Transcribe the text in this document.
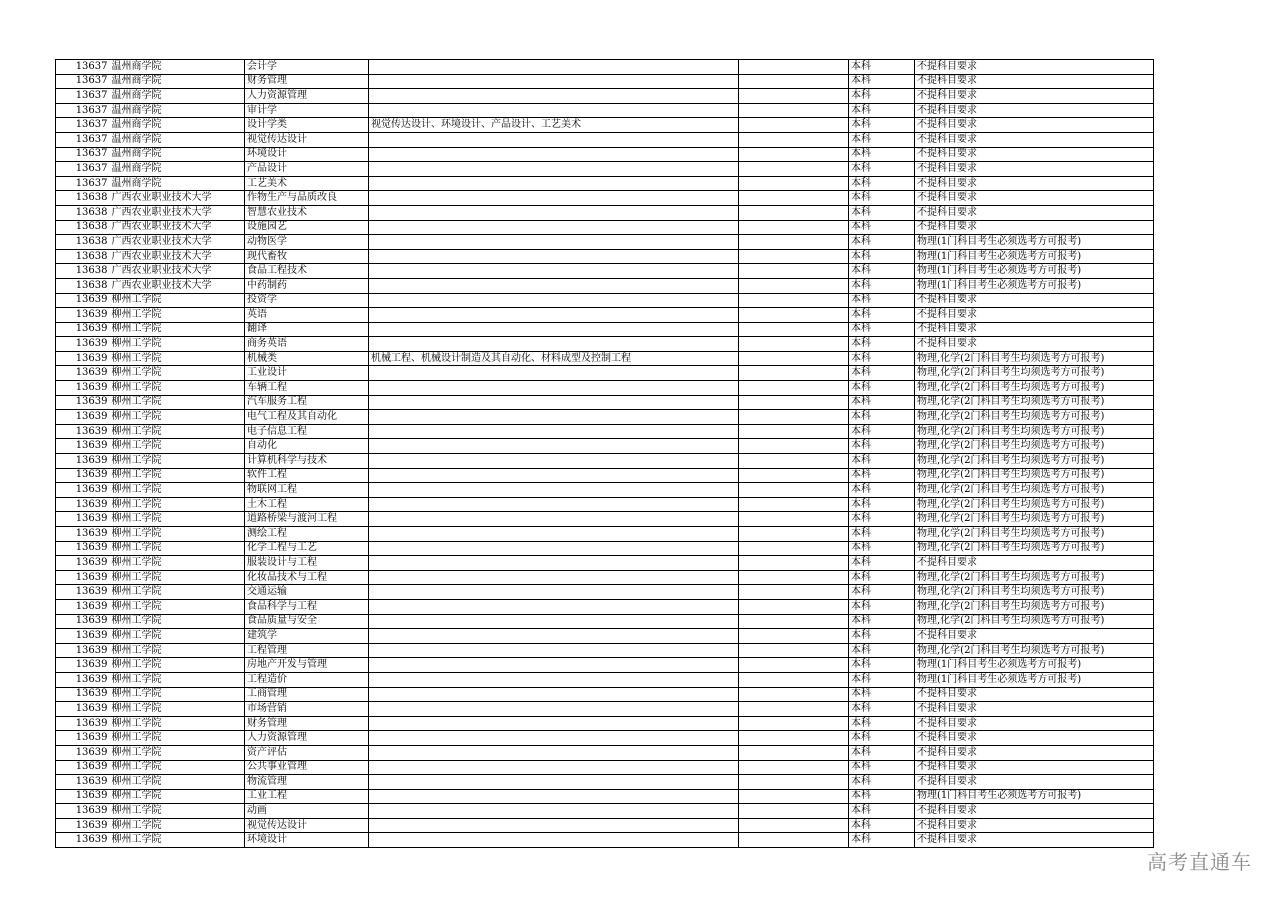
13637	温州商学院	会计学			本科	不提科目要求
13637	温州商学院	财务管理			本科	不提科目要求
13637	温州商学院	人力资源管理			本科	不提科目要求
13637	温州商学院	审计学			本科	不提科目要求
13637	温州商学院	设计学类	视觉传达设计、环境设计、产品设计、工艺美术		本科	不提科目要求
13637	温州商学院	视觉传达设计			本科	不提科目要求
13637	温州商学院	环境设计			本科	不提科目要求
13637	温州商学院	产品设计			本科	不提科目要求
13637	温州商学院	工艺美术			本科	不提科目要求
13638	广西农业职业技术大学	作物生产与品质改良			本科	不提科目要求
13638	广西农业职业技术大学	智慧农业技术			本科	不提科目要求
13638	广西农业职业技术大学	设施园艺			本科	不提科目要求
13638	广西农业职业技术大学	动物医学			本科	物理(1门科目考生必须选考方可报考)
13638	广西农业职业技术大学	现代畜牧			本科	物理(1门科目考生必须选考方可报考)
13638	广西农业职业技术大学	食品工程技术			本科	物理(1门科目考生必须选考方可报考)
13638	广西农业职业技术大学	中药制药			本科	物理(1门科目考生必须选考方可报考)
13639	柳州工学院	投资学			本科	不提科目要求
13639	柳州工学院	英语			本科	不提科目要求
13639	柳州工学院	翻译			本科	不提科目要求
13639	柳州工学院	商务英语			本科	不提科目要求
13639	柳州工学院	机械类	机械工程、机械设计制造及其自动化、材料成型及控制工程		本科	物理,化学(2门科目考生均须选考方可报考)
13639	柳州工学院	工业设计			本科	物理,化学(2门科目考生均须选考方可报考)
13639	柳州工学院	车辆工程			本科	物理,化学(2门科目考生均须选考方可报考)
13639	柳州工学院	汽车服务工程			本科	物理,化学(2门科目考生均须选考方可报考)
13639	柳州工学院	电气工程及其自动化			本科	物理,化学(2门科目考生均须选考方可报考)
13639	柳州工学院	电子信息工程			本科	物理,化学(2门科目考生均须选考方可报考)
13639	柳州工学院	自动化			本科	物理,化学(2门科目考生均须选考方可报考)
13639	柳州工学院	计算机科学与技术			本科	物理,化学(2门科目考生均须选考方可报考)
13639	柳州工学院	软件工程			本科	物理,化学(2门科目考生均须选考方可报考)
13639	柳州工学院	物联网工程			本科	物理,化学(2门科目考生均须选考方可报考)
13639	柳州工学院	土木工程			本科	物理,化学(2门科目考生均须选考方可报考)
13639	柳州工学院	道路桥梁与渡河工程			本科	物理,化学(2门科目考生均须选考方可报考)
13639	柳州工学院	测绘工程			本科	物理,化学(2门科目考生均须选考方可报考)
13639	柳州工学院	化学工程与工艺			本科	物理,化学(2门科目考生均须选考方可报考)
13639	柳州工学院	服装设计与工程			本科	不提科目要求
13639	柳州工学院	化妆品技术与工程			本科	物理,化学(2门科目考生均须选考方可报考)
13639	柳州工学院	交通运输			本科	物理,化学(2门科目考生均须选考方可报考)
13639	柳州工学院	食品科学与工程			本科	物理,化学(2门科目考生均须选考方可报考)
13639	柳州工学院	食品质量与安全			本科	物理,化学(2门科目考生均须选考方可报考)
13639	柳州工学院	建筑学			本科	不提科目要求
13639	柳州工学院	工程管理			本科	物理,化学(2门科目考生均须选考方可报考)
13639	柳州工学院	房地产开发与管理			本科	物理(1门科目考生必须选考方可报考)
13639	柳州工学院	工程造价			本科	物理(1门科目考生必须选考方可报考)
13639	柳州工学院	工商管理			本科	不提科目要求
13639	柳州工学院	市场营销			本科	不提科目要求
13639	柳州工学院	财务管理			本科	不提科目要求
13639	柳州工学院	人力资源管理			本科	不提科目要求
13639	柳州工学院	资产评估			本科	不提科目要求
13639	柳州工学院	公共事业管理			本科	不提科目要求
13639	柳州工学院	物流管理			本科	不提科目要求
13639	柳州工学院	工业工程			本科	物理(1门科目考生必须选考方可报考)
13639	柳州工学院	动画			本科	不提科目要求
13639	柳州工学院	视觉传达设计			本科	不提科目要求
13639	柳州工学院	环境设计			本科	不提科目要求
高考直通车
